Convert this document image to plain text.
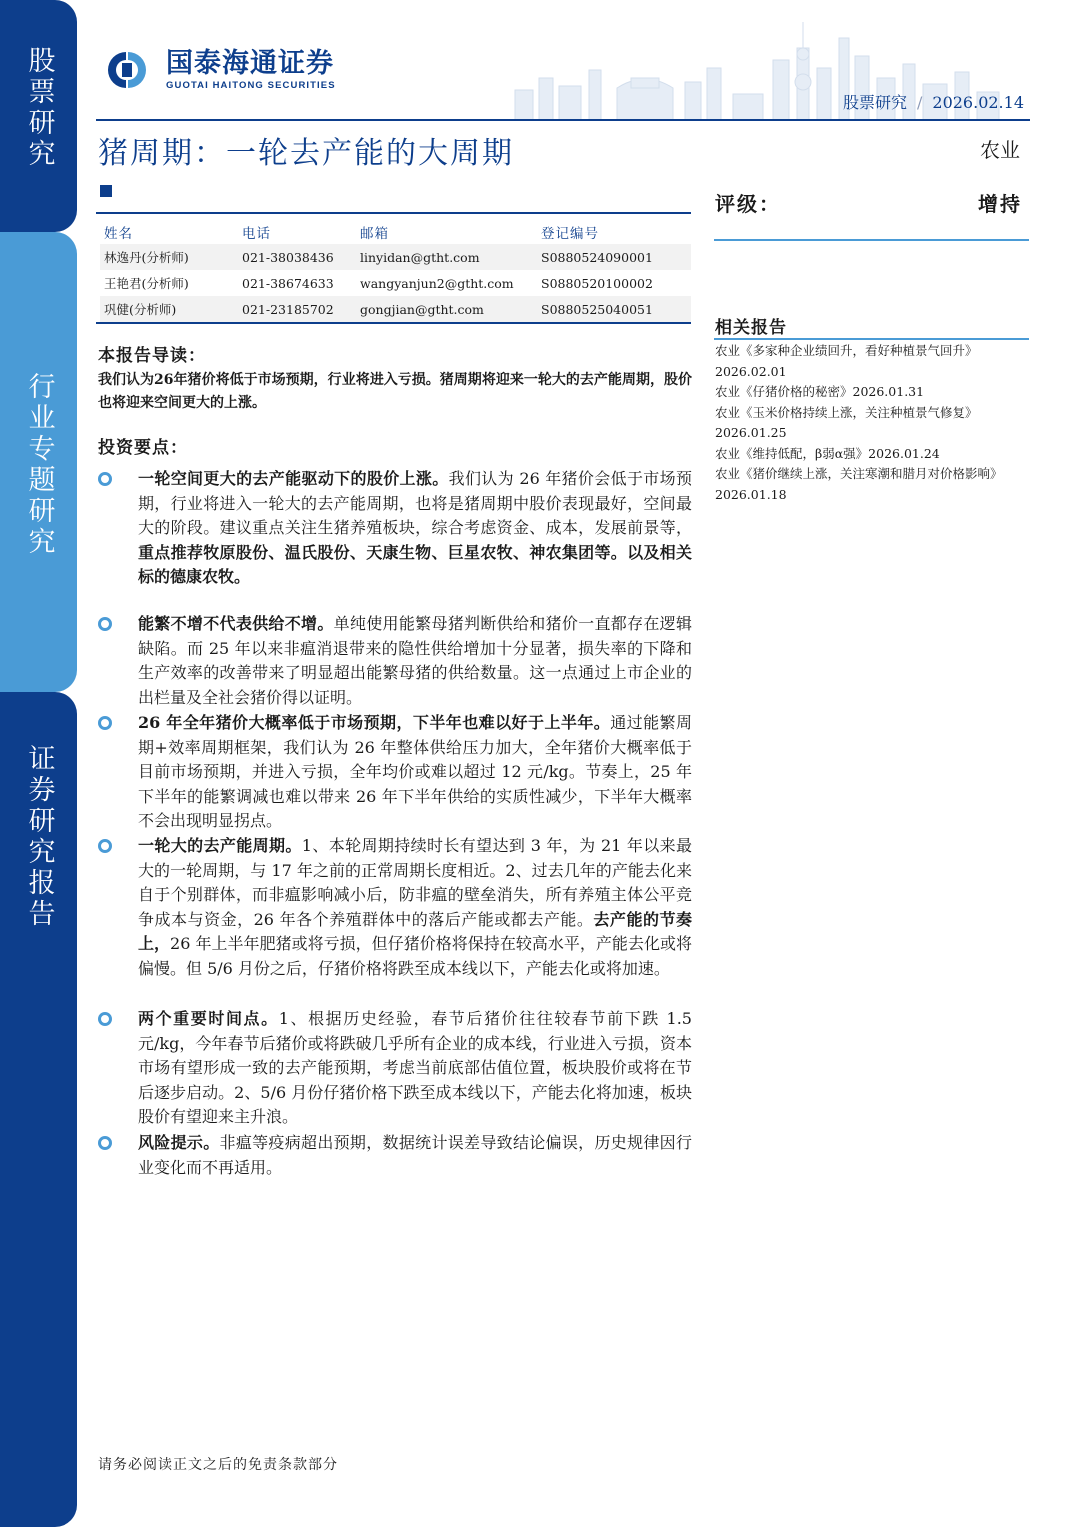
股票研究
行业专题研究
证券研究报告
国泰海通证券
GUOTAI HAITONG SECURITIES
股票研究 / 2026.02.14
猪周期：一轮去产能的大周期	农业
评级：	增持
相关报告
农业《多家种企业绩回升，看好种植景气回升》2026.02.01
农业《仔猪价格的秘密》2026.01.31
农业《玉米价格持续上涨，关注种植景气修复》2026.01.25
农业《维持低配，β弱α强》2026.01.24
农业《猪价继续上涨，关注寒潮和腊月对价格影响》2026.01.18
姓名	电话	邮箱	登记编号
林逸丹(分析师)	021-38038436	linyidan@gtht.com	S0880524090001
王艳君(分析师)	021-38674633	wangyanjun2@gtht.com	S0880520100002
巩健(分析师)	021-23185702	gongjian@gtht.com	S0880525040051
本报告导读：
我们认为26年猪价将低于市场预期，行业将进入亏损。猪周期将迎来一轮大的去产能周期，股价也将迎来空间更大的上涨。
投资要点：
请务必阅读正文之后的免责条款部分
一轮空间更大的去产能驱动下的股价上涨。我们认为 26 年猪价会低于市场预期，行业将进入一轮大的去产能周期，也将是猪周期中股价表现最好，空间最大的阶段。建议重点关注生猪养殖板块，综合考虑资金、成本，发展前景等，重点推荐牧原股份、温氏股份、天康生物、巨星农牧、神农集团等。以及相关标的德康农牧。
能繁不增不代表供给不增。单纯使用能繁母猪判断供给和猪价一直都存在逻辑缺陷。而 25 年以来非瘟消退带来的隐性供给增加十分显著，损失率的下降和生产效率的改善带来了明显超出能繁母猪的供给数量。这一点通过上市企业的出栏量及全社会猪价得以证明。
26 年全年猪价大概率低于市场预期，下半年也难以好于上半年。通过能繁周期+效率周期框架，我们认为 26 年整体供给压力加大，全年猪价大概率低于目前市场预期，并进入亏损，全年均价或难以超过 12 元/kg。节奏上，25 年下半年的能繁调减也难以带来 26 年下半年供给的实质性减少，下半年大概率不会出现明显拐点。
一轮大的去产能周期。1、本轮周期持续时长有望达到 3 年，为 21 年以来最大的一轮周期，与 17 年之前的正常周期长度相近。2、过去几年的产能去化来自于个别群体，而非瘟影响减小后，防非瘟的壁垒消失，所有养殖主体公平竞争成本与资金，26 年各个养殖群体中的落后产能或都去产能。去产能的节奏上，26 年上半年肥猪或将亏损，但仔猪价格将保持在较高水平，产能去化或将偏慢。但 5/6 月份之后，仔猪价格将跌至成本线以下，产能去化或将加速。
两个重要时间点。1、根据历史经验，春节后猪价往往较春节前下跌 1.5 元/kg，今年春节后猪价或将跌破几乎所有企业的成本线，行业进入亏损，资本市场有望形成一致的去产能预期，考虑当前底部估值位置，板块股价或将在节后逐步启动。2、5/6 月份仔猪价格下跌至成本线以下，产能去化将加速，板块股价有望迎来主升浪。
风险提示。非瘟等疫病超出预期，数据统计误差导致结论偏误，历史规律因行业变化而不再适用。
